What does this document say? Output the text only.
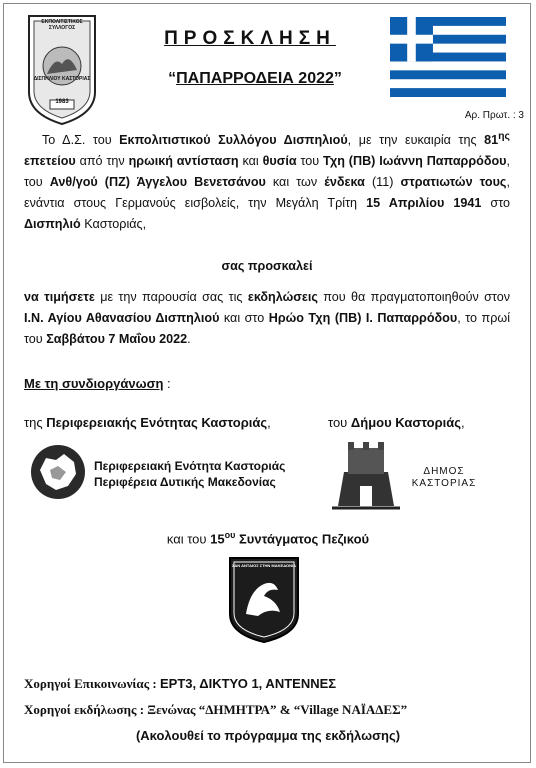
ΕΚΠΟΛΙΤΙΣΤΙΚΟΣ ΣΥΛΛΟΓΟΣ
ΔΙΣΠΗΛΙΟΥ ΚΑΣΤΟΡΙΑΣ
1983
ΠΡΟΣΚΛΗΣΗ
“ΠΑΠΑΡΡΟΔΕΙΑ 2022”
Αρ. Πρωτ. : 3
Το Δ.Σ. του Εκπολιτιστικού Συλλόγου Δισπηλιού, με την ευκαιρία της $81^{\eta\varsigma}$ επετείου από την ηρωική αντίσταση και θυσία του Τχη (ΠΒ) Ιωάννη Παπαρρόδου, του Ανθ/γού (ΠΖ) Άγγελου Βενετσάνου και των ένδεκα (11) στρατιωτών τους, ενάντια στους Γερμανούς εισβολείς, την Μεγάλη Τρίτη 15 Απριλίου 1941 στο Δισπηλιό Καστοριάς,
σας προσκαλεί
να τιμήσετε με την παρουσία σας τις εκδηλώσεις που θα πραγματοποιηθούν στον Ι.Ν. Αγίου Αθανασίου Δισπηλιού και στο Ηρώο Τχη (ΠΒ) Ι. Παπαρρόδου, το πρωί του Σαββάτου 7 Μαΐου 2022.
Με τη συνδιοργάνωση :
της Περιφερειακής Ενότητας Καστοριάς,	του Δήμου Καστοριάς,
Περιφερειακή Ενότητα Καστοριάς
Περιφέρεια Δυτικής Μακεδονίας
ΔΗΜΟΣ
ΚΑΣΤΟΡΙΑΣ
και του $15^{o\upsilon}$ Συντάγματος Πεζικού
ΣΑΝ ΑΝΤΑΙΟΣ ΣΤΗΝ ΜΑΚΕΔΟΝΙΑ
Χορηγοί Επικοινωνίας : ΕΡΤ3, ΔΙΚΤΥΟ 1, ΑΝΤΕΝΝΕΣ
Χορηγοί εκδήλωσης : Ξενώνας “ΔΗΜΗΤΡΑ” & “Village ΝΑΪΑΔΕΣ”
(Ακολουθεί το πρόγραμμα της εκδήλωσης)
